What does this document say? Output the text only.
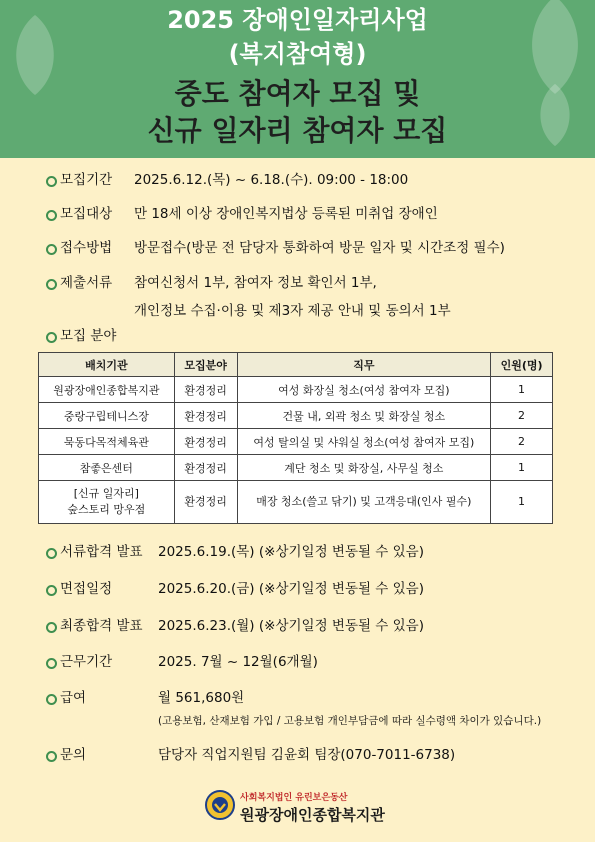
2025 장애인일자리사업
(복지참여형)
중도 참여자 모집 및
신규 일자리 참여자 모집
모집기간 2025.6.12.(목) ~ 6.18.(수). 09:00 - 18:00
모집대상 만 18세 이상 장애인복지법상 등록된 미취업 장애인
접수방법 방문접수(방문 전 담당자 통화하여 방문 일자 및 시간조정 필수)
제출서류 참여신청서 1부, 참여자 정보 확인서 1부,
개인정보 수집·이용 및 제3자 제공 안내 및 동의서 1부
모집 분야
배치기관	모집분야	직무	인원(명)
원광장애인종합복지관	환경정리	여성 화장실 청소(여성 참여자 모집)	1
중랑구립테니스장	환경정리	건물 내, 외곽 청소 및 화장실 청소	2
묵동다목적체육관	환경정리	여성 탈의실 및 샤워실 청소(여성 참여자 모집)	2
참좋은센터	환경정리	계단 청소 및 화장실, 사무실 청소	1

[신규 일자리]
숲스토리 망우점	환경정리	매장 청소(쓸고 닦기) 및 고객응대(인사 필수)	1
서류합격 발표 2025.6.19.(목) (※상기일정 변동될 수 있음)
면접일정	2025.6.20.(금) (※상기일정 변동될 수 있음)
최종합격 발표 2025.6.23.(월) (※상기일정 변동될 수 있음)
근무기간	2025. 7월 ~ 12월(6개월)
급여	월 561,680원
(고용보험, 산재보험 가입 / 고용보험 개인부담금에 따라 실수령액 차이가 있습니다.)
문의	담당자 직업지원팀 김윤회 팀장(070-7011-6738)
사회복지법인 유린보은동산
원광장애인종합복지관
